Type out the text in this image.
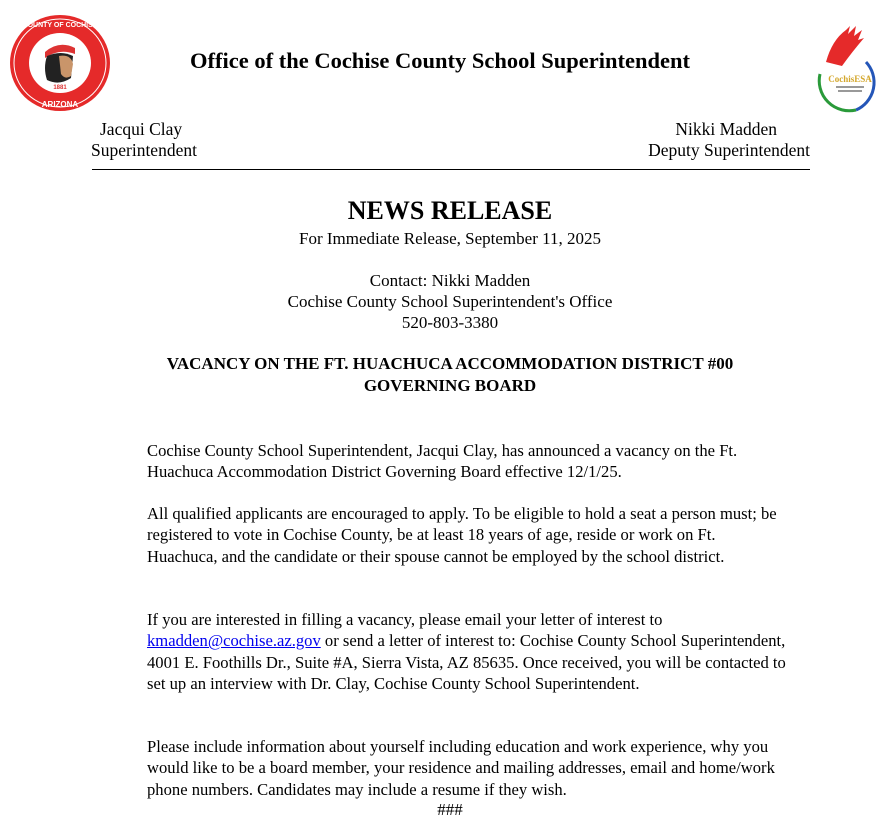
1881
ARIZONA
COUNTY OF COCHISE
Office of the Cochise County School Superintendent
CochisESA
Jacqui Clay
Superintendent
Nikki Madden
Deputy Superintendent
NEWS RELEASE
For Immediate Release, September 11, 2025
Contact: Nikki Madden
Cochise County School Superintendent's Office
520-803-3380
VACANCY ON THE FT. HUACHUCA ACCOMMODATION DISTRICT #00
GOVERNING BOARD
Cochise County School Superintendent, Jacqui Clay, has announced a vacancy on the Ft. Huachuca Accommodation District Governing Board effective 12/1/25.
All qualified applicants are encouraged to apply. To be eligible to hold a seat a person must; be registered to vote in Cochise County, be at least 18 years of age, reside or work on Ft. Huachuca, and the candidate or their spouse cannot be employed by the school district.
If you are interested in filling a vacancy, please email your letter of interest to kmadden@cochise.az.gov or send a letter of interest to: Cochise County School Superintendent, 4001 E. Foothills Dr., Suite #A, Sierra Vista, AZ 85635. Once received, you will be contacted to set up an interview with Dr. Clay, Cochise County School Superintendent.
Please include information about yourself including education and work experience, why you would like to be a board member, your residence and mailing addresses, email and home/work phone numbers. Candidates may include a resume if they wish.
###
